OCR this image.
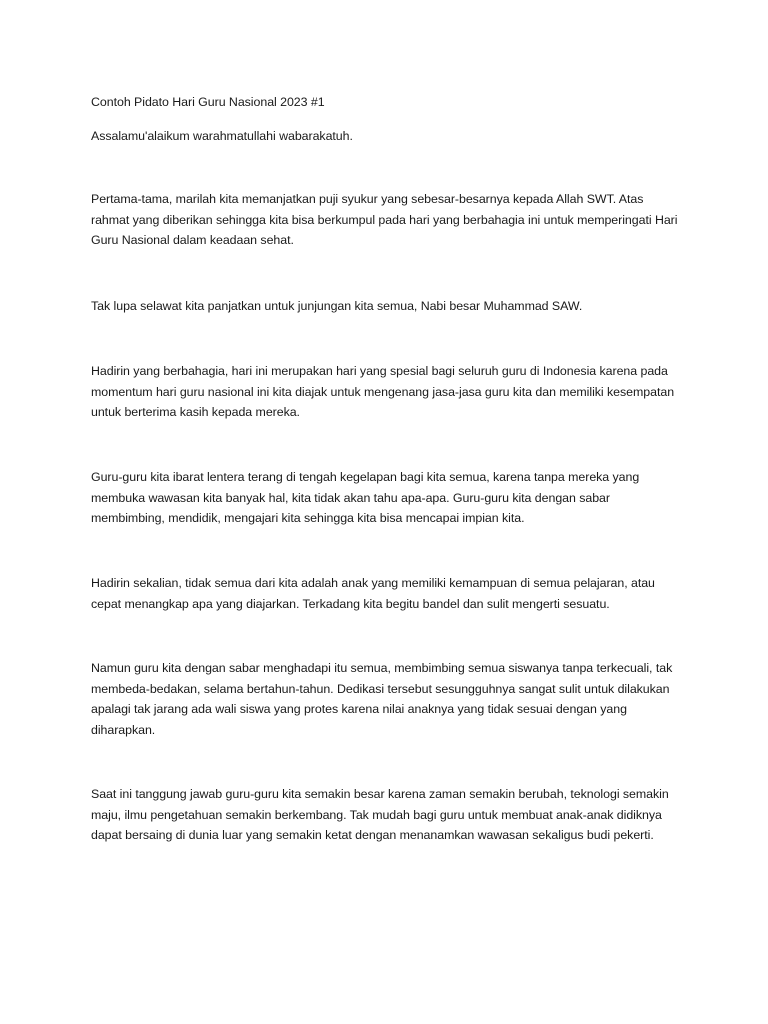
Contoh Pidato Hari Guru Nasional 2023 #1

Assalamu'alaikum warahmatullahi wabarakatuh.

Pertama-tama, marilah kita memanjatkan puji syukur yang sebesar-besarnya kepada Allah SWT. Atas rahmat yang diberikan sehingga kita bisa berkumpul pada hari yang berbahagia ini untuk memperingati Hari Guru Nasional dalam keadaan sehat.

Tak lupa selawat kita panjatkan untuk junjungan kita semua, Nabi besar Muhammad SAW.

Hadirin yang berbahagia, hari ini merupakan hari yang spesial bagi seluruh guru di Indonesia karena pada momentum hari guru nasional ini kita diajak untuk mengenang jasa-jasa guru kita dan memiliki kesempatan untuk berterima kasih kepada mereka.

Guru-guru kita ibarat lentera terang di tengah kegelapan bagi kita semua, karena tanpa mereka yang membuka wawasan kita banyak hal, kita tidak akan tahu apa-apa. Guru-guru kita dengan sabar membimbing, mendidik, mengajari kita sehingga kita bisa mencapai impian kita.

Hadirin sekalian, tidak semua dari kita adalah anak yang memiliki kemampuan di semua pelajaran, atau cepat menangkap apa yang diajarkan. Terkadang kita begitu bandel dan sulit mengerti sesuatu.

Namun guru kita dengan sabar menghadapi itu semua, membimbing semua siswanya tanpa terkecuali, tak membeda-bedakan, selama bertahun-tahun. Dedikasi tersebut sesungguhnya sangat sulit untuk dilakukan apalagi tak jarang ada wali siswa yang protes karena nilai anaknya yang tidak sesuai dengan yang diharapkan.

Saat ini tanggung jawab guru-guru kita semakin besar karena zaman semakin berubah, teknologi semakin maju, ilmu pengetahuan semakin berkembang. Tak mudah bagi guru untuk membuat anak-anak didiknya dapat bersaing di dunia luar yang semakin ketat dengan menanamkan wawasan sekaligus budi pekerti.
